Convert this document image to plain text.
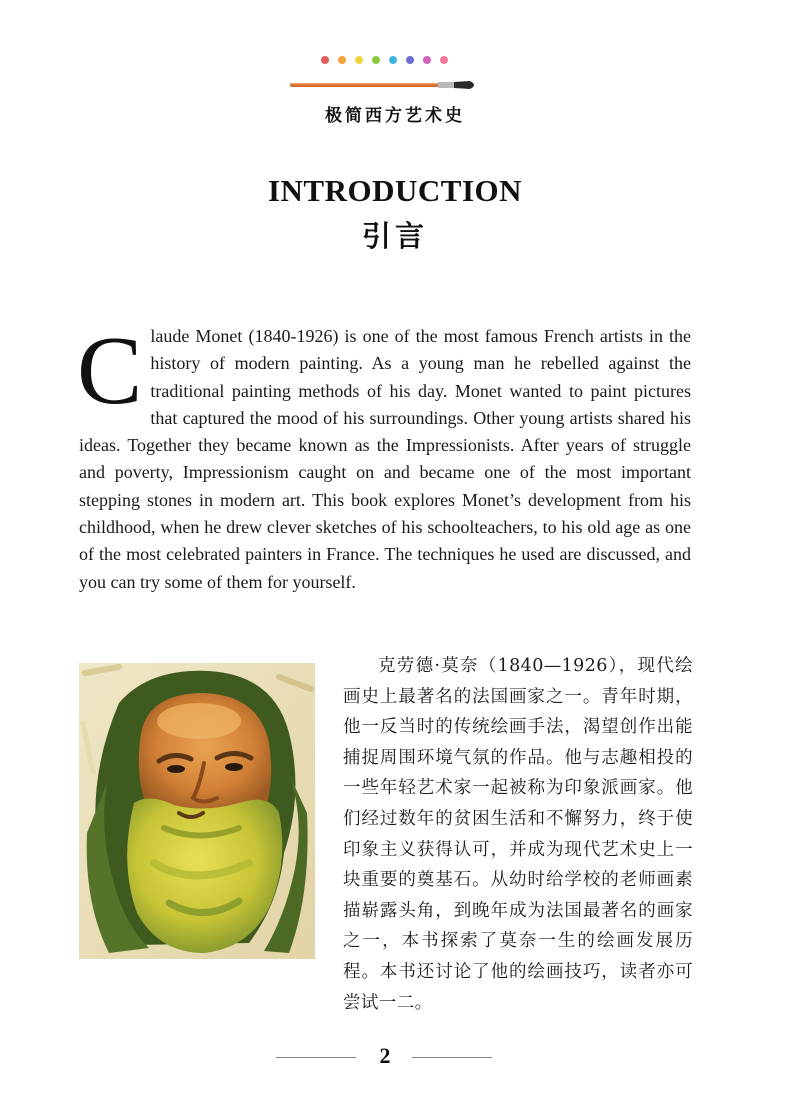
极简西方艺术史
INTRODUCTION
引言

Claude Monet (1840-1926) is one of the most famous French artists in the history of modern painting. As a young man he rebelled against the traditional painting methods of his day. Monet wanted to paint pictures that captured the mood of his surroundings. Other young artists shared his ideas. Together they became known as the Impressionists. After years of struggle and poverty, Impressionism caught on and became one of the most important stepping stones in modern art. This book explores Monet’s development from his childhood, when he drew clever sketches of his schoolteachers, to his old age as one of the most celebrated painters in France. The techniques he used are discussed, and you can try some of them for yourself.

克劳德·莫奈（1840—1926），现代绘画史上最著名的法国画家之一。青年时期，他一反当时的传统绘画手法，渴望创作出能捕捉周围环境气氛的作品。他与志趣相投的一些年轻艺术家一起被称为印象派画家。他们经过数年的贫困生活和不懈努力，终于使印象主义获得认可，并成为现代艺术史上一块重要的奠基石。从幼时给学校的老师画素描崭露头角，到晚年成为法国最著名的画家之一，本书探索了莫奈一生的绘画发展历程。本书还讨论了他的绘画技巧，读者亦可尝试一二。

2
